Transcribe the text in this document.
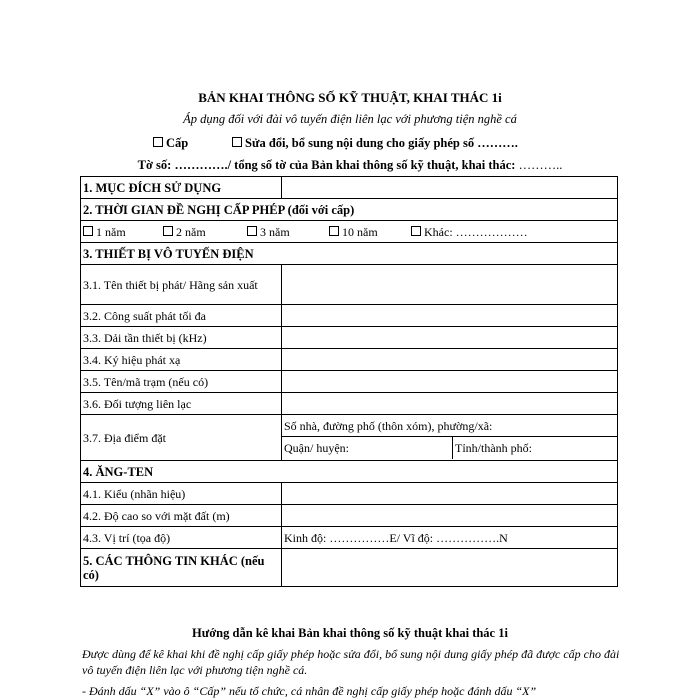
BẢN KHAI THÔNG SỐ KỸ THUẬT, KHAI THÁC 1i
Áp dụng đối với đài vô tuyến điện liên lạc với phương tiện nghề cá
Cấp	Sửa đổi, bổ sung nội dung cho giấy phép số ……….
Tờ số: …………./ tổng số tờ của Bản khai thông số kỹ thuật, khai thác: ………..
1. MỤC ĐÍCH SỬ DỤNG	
2. THỜI GIAN ĐỀ NGHỊ CẤP PHÉP (đối với cấp)	
1 năm 2 năm 3 năm 10 năm Khác: ………………	
3. THIẾT BỊ VÔ TUYẾN ĐIỆN	
3.1. Tên thiết bị phát/ Hãng sản xuất	
3.2. Công suất phát tối đa	
3.3. Dải tần thiết bị (kHz)	
3.4. Ký hiệu phát xạ	
3.5. Tên/mã trạm (nếu có)	
3.6. Đối tượng liên lạc	
3.7. Địa điểm đặt	Số nhà, đường phố (thôn xóm), phường/xã:
Quận/ huyện: Tỉnh/thành phố:

4. ĂNG-TEN	
4.1. Kiểu (nhãn hiệu)	
4.2. Độ cao so với mặt đất (m)	
4.3. Vị trí (tọa độ)	Kinh độ: ……………E/ Vĩ độ: …………….N
5. CÁC THÔNG TIN KHÁC (nếu có)	
Hướng dẫn kê khai Bản khai thông số kỹ thuật khai thác 1i
Được dùng để kê khai khi đề nghị cấp giấy phép hoặc sửa đổi, bổ sung nội dung giấy phép đã được cấp cho đài vô tuyến điện liên lạc với phương tiện nghề cá.
- Đánh dấu “X” vào ô “Cấp” nếu tổ chức, cá nhân đề nghị cấp giấy phép hoặc đánh dấu “X”
